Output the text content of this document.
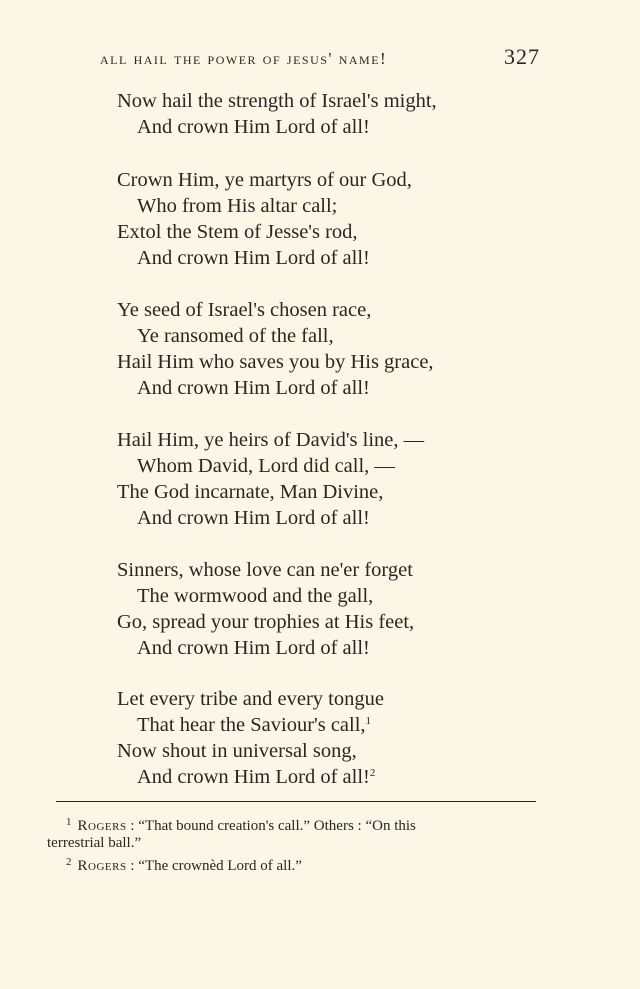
all hail the power of jesus' name!	327
Now hail the strength of Israel's might,
And crown Him Lord of all!
Crown Him, ye martyrs of our God,
Who from His altar call;
Extol the Stem of Jesse's rod,
And crown Him Lord of all!
Ye seed of Israel's chosen race,
Ye ransomed of the fall,
Hail Him who saves you by His grace,
And crown Him Lord of all!
Hail Him, ye heirs of David's line, —
Whom David, Lord did call, —
The God incarnate, Man Divine,
And crown Him Lord of all!
Sinners, whose love can ne'er forget
The wormwood and the gall,
Go, spread your trophies at His feet,
And crown Him Lord of all!
Let every tribe and every tongue
That hear the Saviour's call,$^1$
Now shout in universal song,
And crown Him Lord of all!$^2$
$^1$ Rogers : “That bound creation's call.” Others : “On this
terrestrial ball.”
$^2$ Rogers : “The crownèd Lord of all.”
